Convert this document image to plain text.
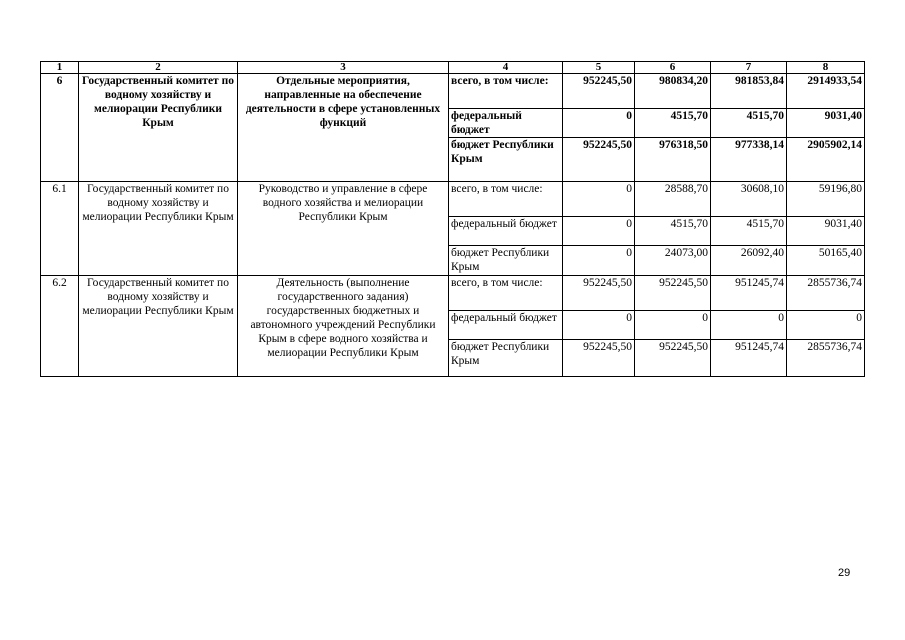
1	2	3	4	5	6	7	8
6	Государственный комитет по водному хозяйству и мелиорации Республики Крым	Отдельные мероприятия, направленные на обеспечение деятельности в сфере установленных функций	всего, в том числе:	952245,50	980834,20	981853,84	2914933,54
			федеральный бюджет	0	4515,70	4515,70	9031,40
			бюджет Республики Крым	952245,50	976318,50	977338,14	2905902,14
6.1	Государственный комитет по водному хозяйству и мелиорации Республики Крым	Руководство и управление в сфере водного хозяйства и мелиорации Республики Крым	всего, в том числе:	0	28588,70	30608,10	59196,80
			федеральный бюджет	0	4515,70	4515,70	9031,40
			бюджет Республики Крым	0	24073,00	26092,40	50165,40
6.2	Государственный комитет по водному хозяйству и мелиорации Республики Крым	Деятельность (выполнение государственного задания) государственных бюджетных и автономного учреждений Республики Крым в сфере водного хозяйства и мелиорации Республики Крым	всего, в том числе:	952245,50	952245,50	951245,74	2855736,74
			федеральный бюджет	0	0	0	0
			бюджет Республики Крым	952245,50	952245,50	951245,74	2855736,74
29
